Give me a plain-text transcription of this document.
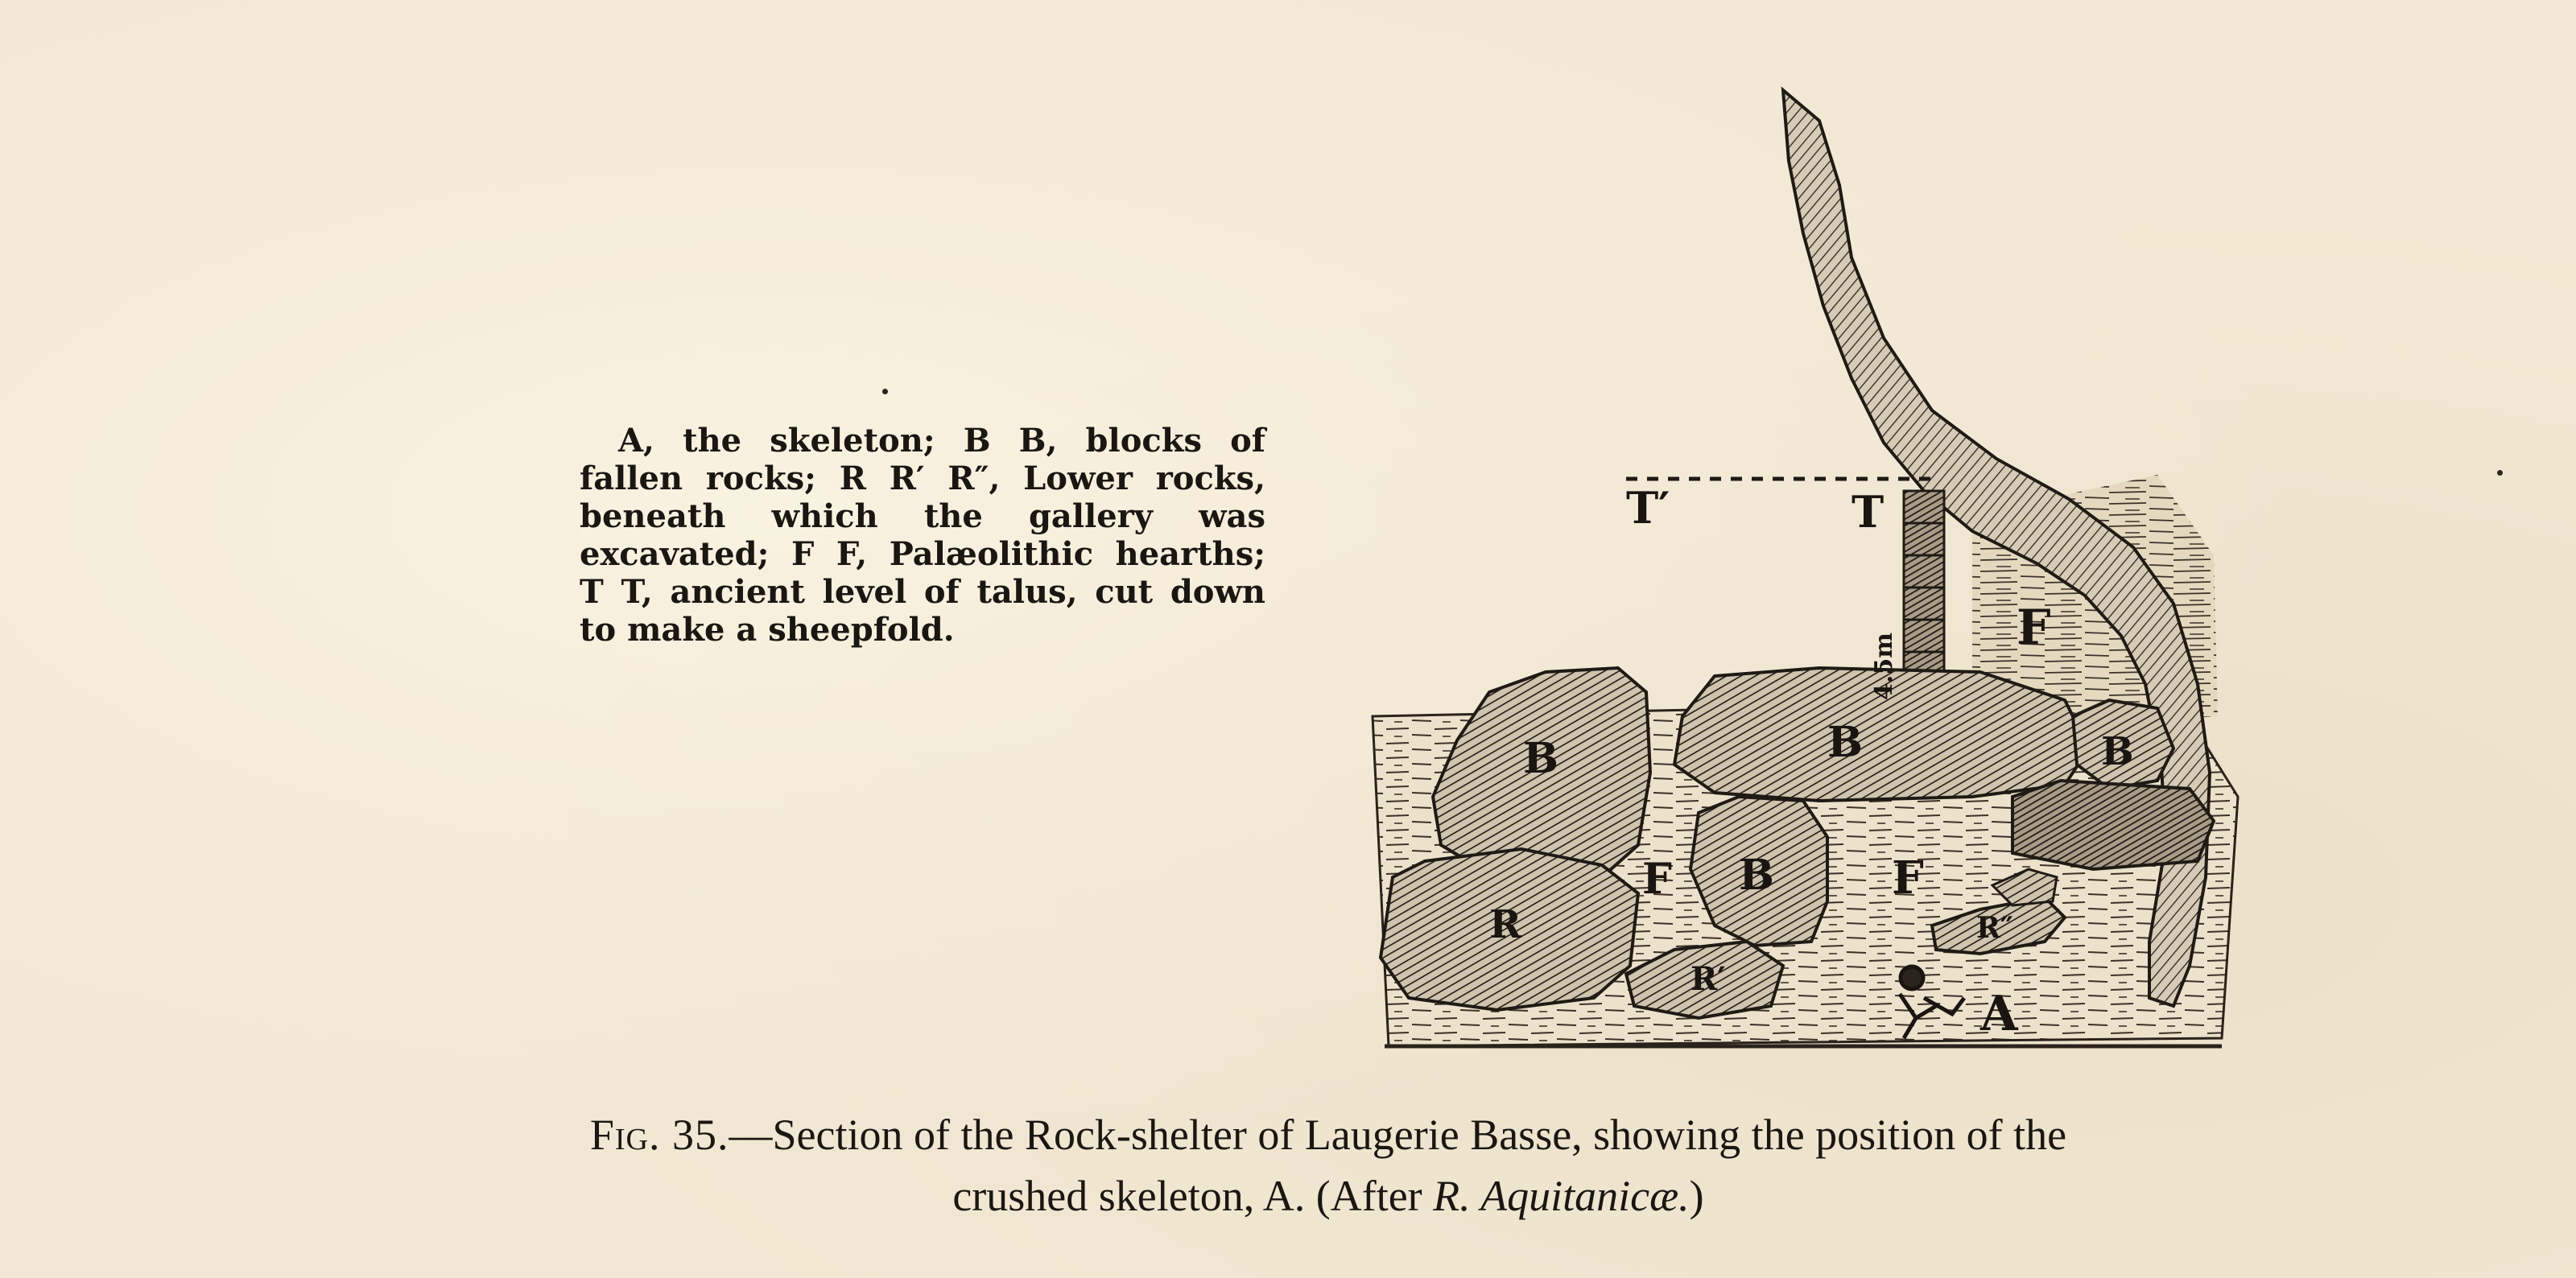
A, the skeleton; B B, blocks of
fallen rocks; R R′ R″, Lower rocks,
beneath which the gallery was
excavated; F F, Palæolithic hearths;
T T, ancient level of talus, cut down
to make a sheepfold.
T′	T
4.5m
F
B	B	B
B
F	F
R
R′
R″
A
Fig. 35.—Section of the Rock-shelter of Laugerie Basse, showing the position of the
crushed skeleton, A. (After R. Aquitanicæ.)
